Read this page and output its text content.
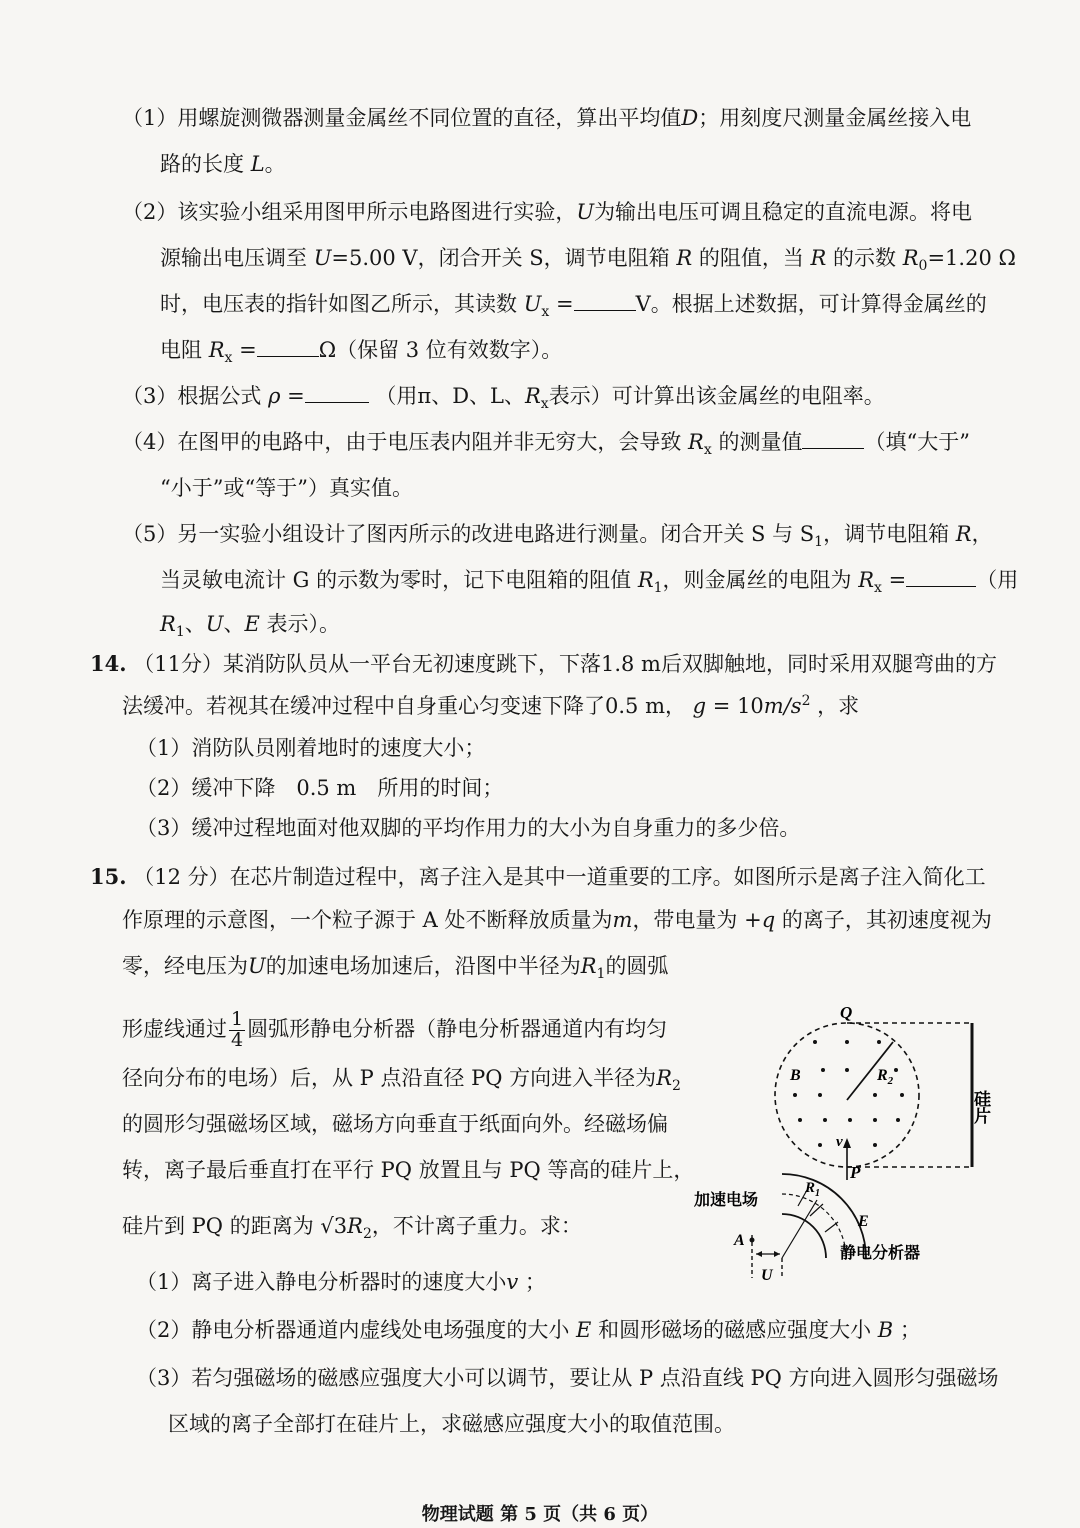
（1）用螺旋测微器测量金属丝不同位置的直径，算出平均值D；用刻度尺测量金属丝接入电
路的长度 L。
（2）该实验小组采用图甲所示电路图进行实验，U为输出电压可调且稳定的直流电源。将电
源输出电压调至 U=5.00 V，闭合开关 S，调节电阻箱 R 的阻值，当 R 的示数 $R_0=1.20$ Ω
时，电压表的指针如图乙所示，其读数 $U_x$ =	V。根据上述数据，可计算得金属丝的
电阻 $R_x$ =	Ω（保留 3 位有效数字）。
（3）根据公式 ρ =	（用π、D、L、$R_x$表示）可计算出该金属丝的电阻率。
（4）在图甲的电路中，由于电压表内阻并非无穷大，会导致 $R_x$ 的测量值	（填“大于”
“小于”或“等于”）真实值。
（5）另一实验小组设计了图丙所示的改进电路进行测量。闭合开关 S 与 $S_1$，调节电阻箱 R，
当灵敏电流计 G 的示数为零时，记下电阻箱的阻值 $R_1$，则金属丝的电阻为 $R_x$ =	（用
$R_1$、U、E 表示）。
14. （11分）某消防队员从一平台无初速度跳下，下落1.8 m后双脚触地，同时采用双腿弯曲的方
法缓冲。若视其在缓冲过程中自身重心匀变速下降了0.5 m， $g = 10m/s^2$ ，求
（1）消防队员刚着地时的速度大小；
（2）缓冲下降　0.5 m　所用的时间；
（3）缓冲过程地面对他双脚的平均作用力的大小为自身重力的多少倍。
15. （12 分）在芯片制造过程中，离子注入是其中一道重要的工序。如图所示是离子注入简化工
作原理的示意图，一个粒子源于 A 处不断释放质量为m，带电量为 +q 的离子，其初速度视为
零，经电压为U的加速电场加速后，沿图中半径为$R_1$的圆弧
形虚线通过 $\frac{1}{4}$ 圆弧形静电分析器（静电分析器通道内有均匀
径向分布的电场）后，从 P 点沿直径 PQ 方向进入半径为$R_2$
的圆形匀强磁场区域，磁场方向垂直于纸面向外。经磁场偏
转，离子最后垂直打在平行 PQ 放置且与 PQ 等高的硅片上，
硅片到 PQ 的距离为 $√3R_2$，不计离子重力。求：
（1）离子进入静电分析器时的速度大小v ；
（2）静电分析器通道内虚线处电场强度的大小 E 和圆形磁场的磁感应强度大小 B ；
（3）若匀强磁场的磁感应强度大小可以调节，要让从 P 点沿直线 PQ 方向进入圆形匀强磁场
区域的离子全部打在硅片上，求磁感应强度大小的取值范围。
Q
P
B	$R_2$
v
$R_1$
E
A
U
加速电场
静电分析器
硅片
物理试题 第 5 页（共 6 页）
